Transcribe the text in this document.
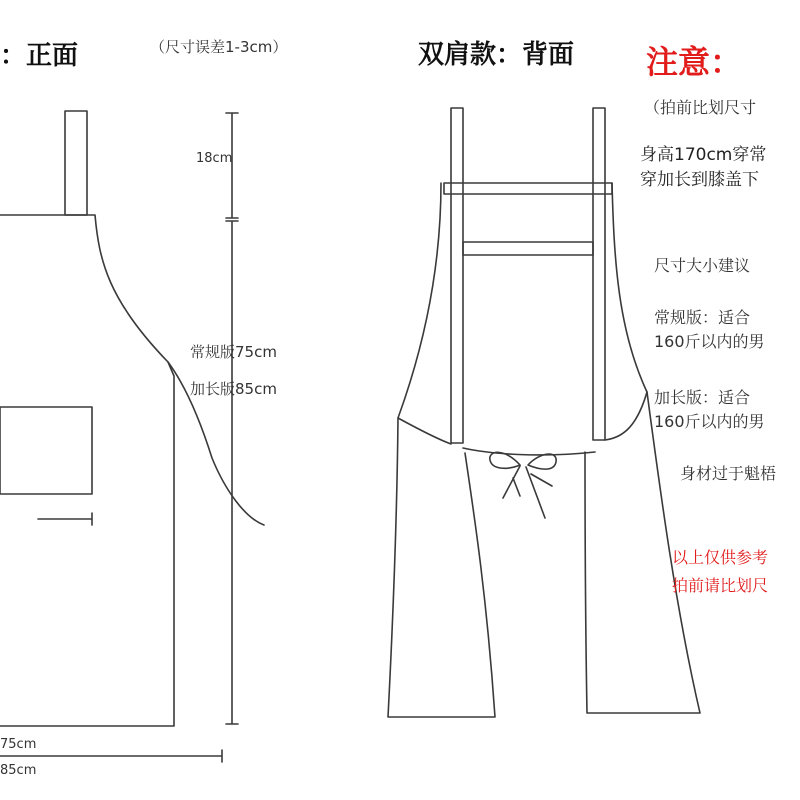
：正面	（尺寸误差1-3cm）
18cm
常规版75cm
加长版85cm
75cm
85cm
双肩款：背面 注意：
（拍前比划尺寸
身高170cm穿常
穿加长到膝盖下
尺寸大小建议
常规版：适合
160斤以内的男
加长版：适合
160斤以内的男
身材过于魁梧
以上仅供参考
拍前请比划尺
